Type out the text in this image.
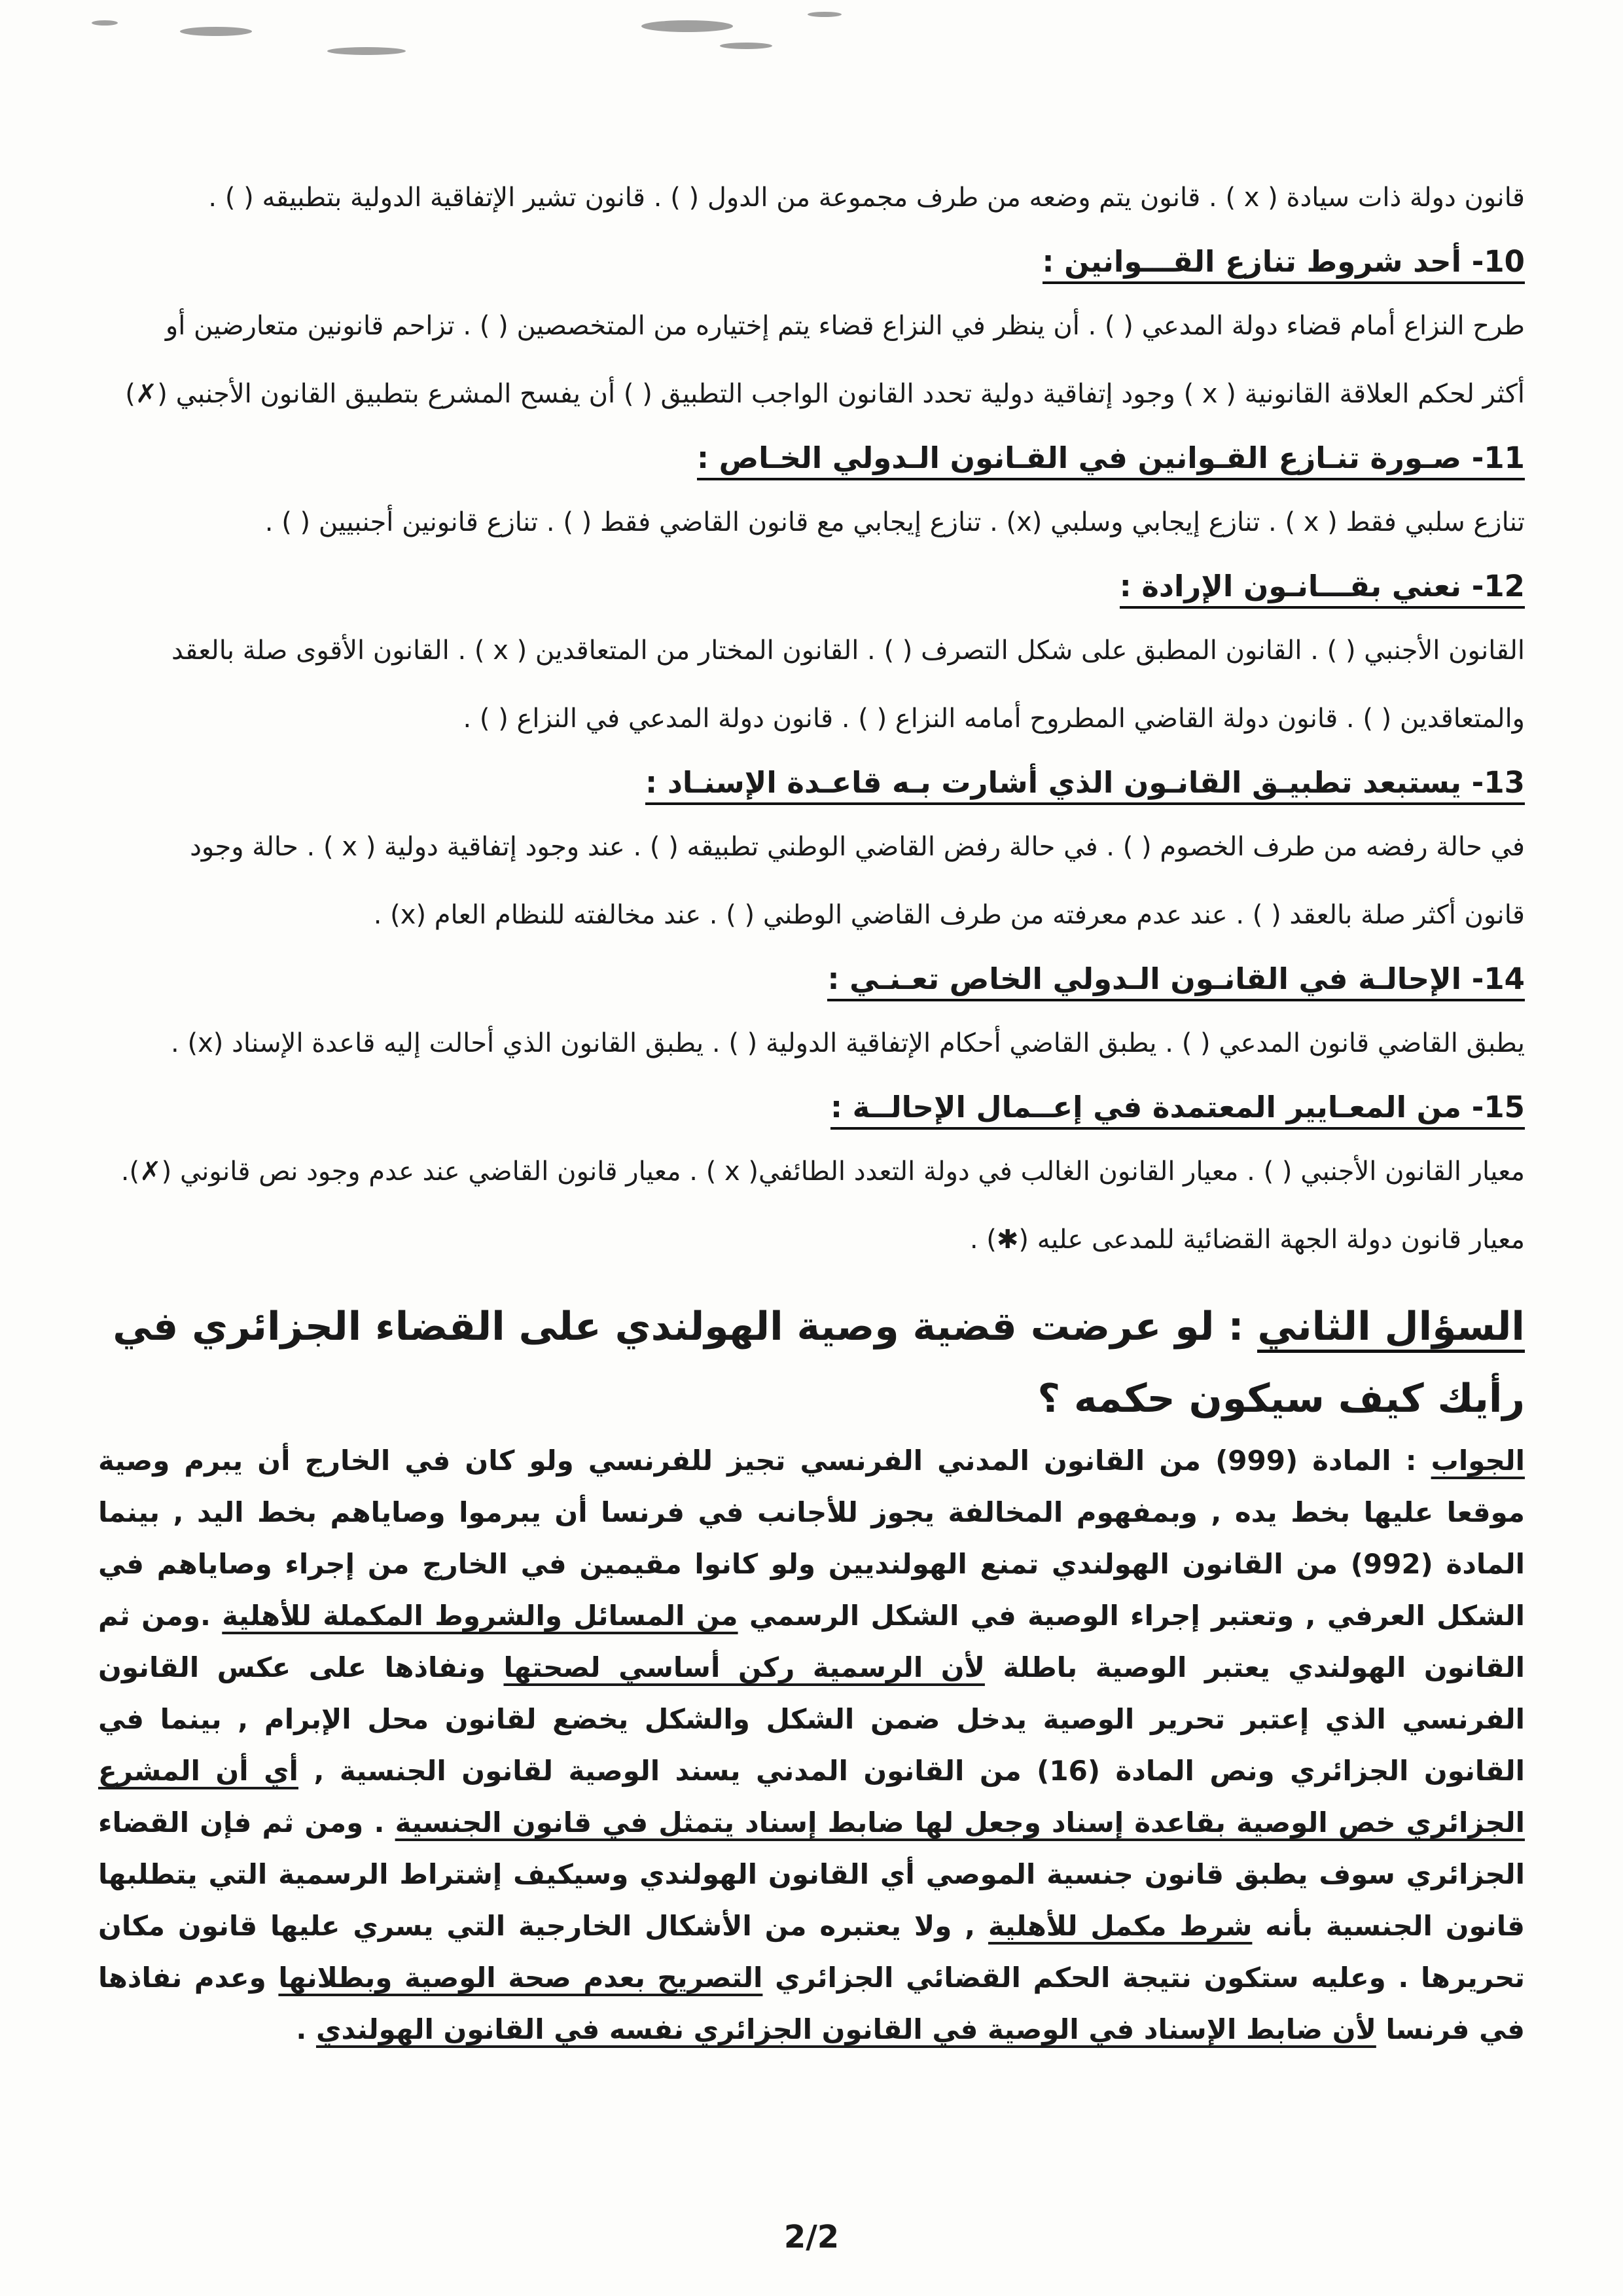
قانون دولة ذات سيادة ( x ) . قانون يتم وضعه من طرف مجموعة من الدول ( ) . قانون تشير الإتفاقية الدولية بتطبيقه ( ) .
10- أحد شروط تنازع القـــوانين :
طرح النزاع أمام قضاء دولة المدعي ( ) . أن ينظر في النزاع قضاء يتم إختياره من المتخصصين ( ) . تزاحم قانونين متعارضين أو
أكثر لحكم العلاقة القانونية ( x ) وجود إتفاقية دولية تحدد القانون الواجب التطبيق ( ) أن يفسح المشرع بتطبيق القانون الأجنبي (✗)
11- صـورة تنـازع القـوانين في القـانون الـدولي الخـاص :
تنازع سلبي فقط ( x ) . تنازع إيجابي وسلبي (x) . تنازع إيجابي مع قانون القاضي فقط ( ) . تنازع قانونين أجنبيين ( ) .
12- نعني بقـــانـون الإرادة :
القانون الأجنبي ( ) . القانون المطبق على شكل التصرف ( ) . القانون المختار من المتعاقدين ( x ) . القانون الأقوى صلة بالعقد
والمتعاقدين ( ) . قانون دولة القاضي المطروح أمامه النزاع ( ) . قانون دولة المدعي في النزاع ( ) .
13- يستبعد تطبيـق القانـون الذي أشارت بـه قاعـدة الإسنـاد :
في حالة رفضه من طرف الخصوم ( ) . في حالة رفض القاضي الوطني تطبيقه ( ) . عند وجود إتفاقية دولية ( x ) . حالة وجود
قانون أكثر صلة بالعقد ( ) . عند عدم معرفته من طرف القاضي الوطني ( ) . عند مخالفته للنظام العام (x) .
14- الإحالـة في القانـون الـدولي الخاص تعـنـي :
يطبق القاضي قانون المدعي ( ) . يطبق القاضي أحكام الإتفاقية الدولية ( ) . يطبق القانون الذي أحالت إليه قاعدة الإسناد (x) .
15- من المعـايير المعتمدة في إعــمال الإحالــة :
معيار القانون الأجنبي ( ) . معيار القانون الغالب في دولة التعدد الطائفي( x ) . معيار قانون القاضي عند عدم وجود نص قانوني (✗).
معيار قانون دولة الجهة القضائية للمدعى عليه (✱) .
السؤال الثاني : لو عرضت قضية وصية الهولندي على القضاء الجزائري في رأيك كيف سيكون حكمه ؟
الجواب : المادة (999) من القانون المدني الفرنسي تجيز للفرنسي ولو كان في الخارج أن يبرم وصية موقعا عليها بخط يده , وبمفهوم المخالفة يجوز للأجانب في فرنسا أن يبرموا وصاياهم بخط اليد , بينما المادة (992) من القانون الهولندي تمنع الهولنديين ولو كانوا مقيمين في الخارج من إجراء وصاياهم في الشكل العرفي , وتعتبر إجراء الوصية في الشكل الرسمي من المسائل والشروط المكملة للأهلية .ومن ثم القانون الهولندي يعتبر الوصية باطلة لأن الرسمية ركن أساسي لصحتها ونفاذها على عكس القانون الفرنسي الذي إعتبر تحرير الوصية يدخل ضمن الشكل والشكل يخضع لقانون محل الإبرام , بينما في القانون الجزائري ونص المادة (16) من القانون المدني يسند الوصية لقانون الجنسية , أي أن المشرع الجزائري خص الوصية بقاعدة إسناد وجعل لها ضابط إسناد يتمثل في قانون الجنسية . ومن ثم فإن القضاء الجزائري سوف يطبق قانون جنسية الموصي أي القانون الهولندي وسيكيف إشتراط الرسمية التي يتطلبها قانون الجنسية بأنه شرط مكمل للأهلية , ولا يعتبره من الأشكال الخارجية التي يسري عليها قانون مكان تحريرها . وعليه ستكون نتيجة الحكم القضائي الجزائري التصريح بعدم صحة الوصية وبطلانها وعدم نفاذها في فرنسا لأن ضابط الإسناد في الوصية في القانون الجزائري نفسه في القانون الهولندي .
2/2
